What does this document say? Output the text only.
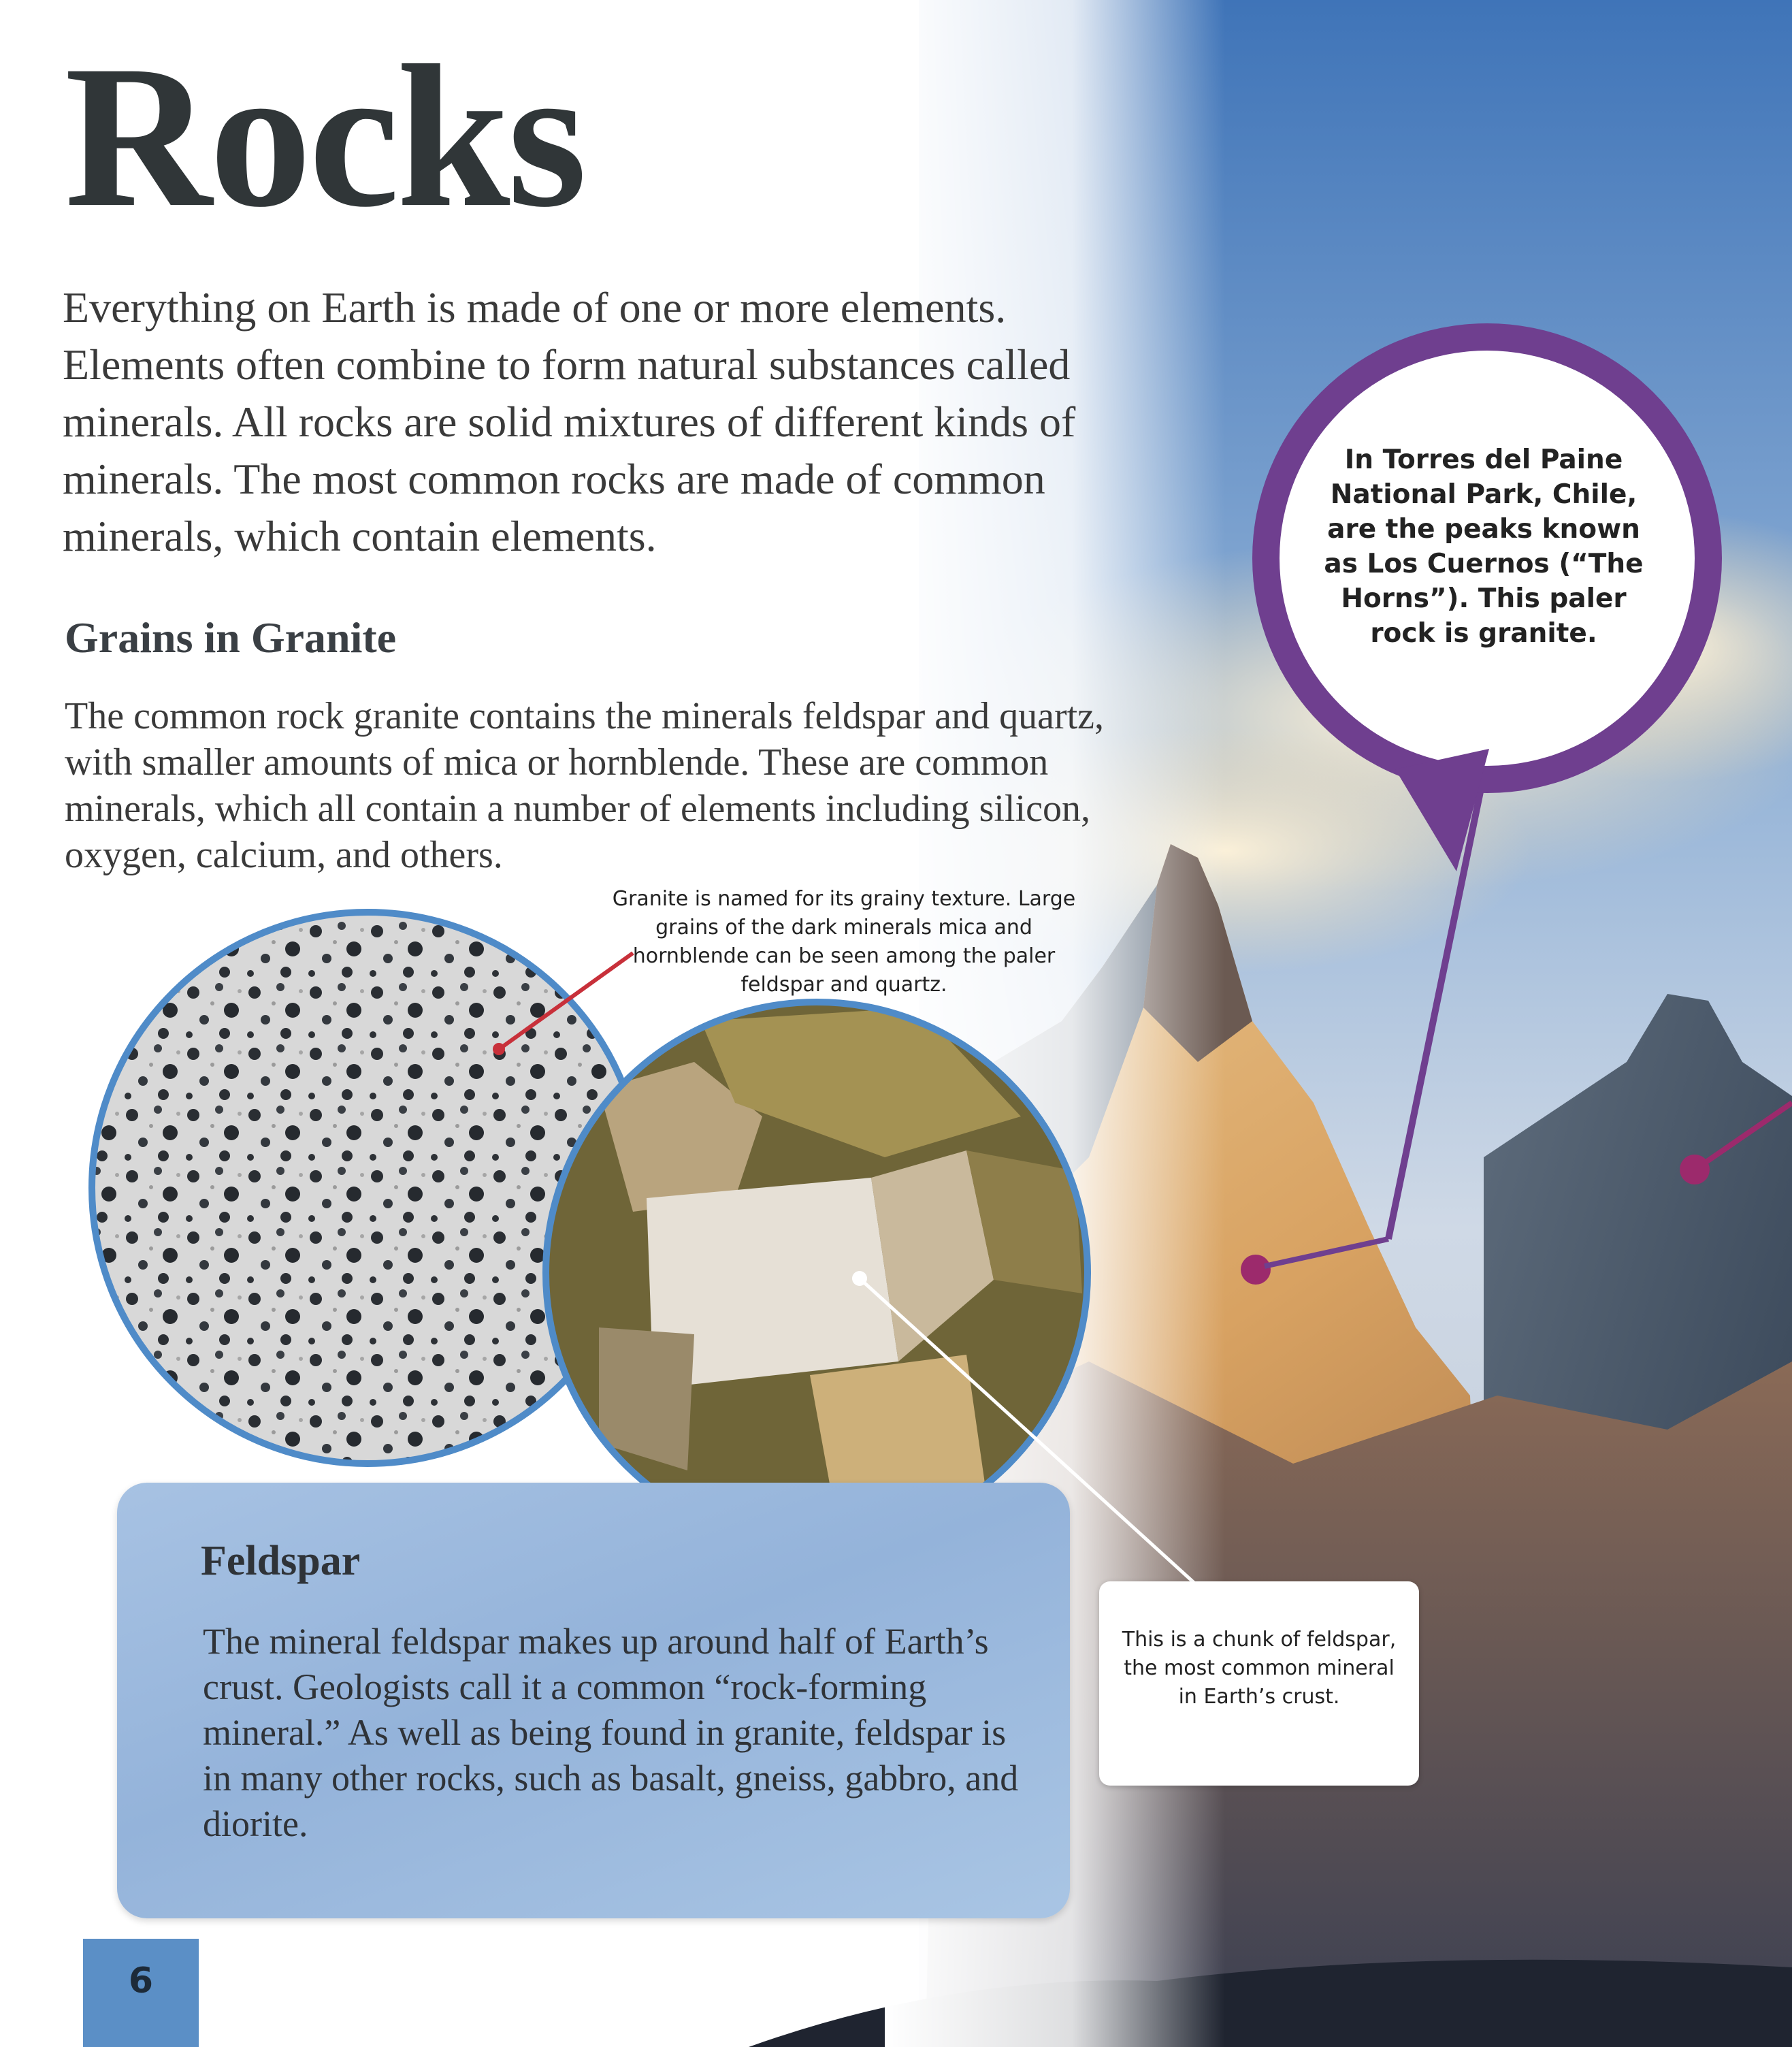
Rocks

Everything on Earth is made of one or more elements. Elements often combine to form natural substances called minerals. All rocks are solid mixtures of different kinds of minerals. The most common rocks are made of common minerals, which contain elements.

Grains in Granite

The common rock granite contains the minerals feldspar and quartz, with smaller amounts of mica or hornblende. These are common minerals, which all contain a number of elements including silicon, oxygen, calcium, and others.

Granite is named for its grainy texture. Large grains of the dark minerals mica and hornblende can be seen among the paler feldspar and quartz.

In Torres del Paine National Park, Chile, are the peaks known as Los Cuernos (“The Horns”). This paler rock is granite.
Feldspar

The mineral feldspar makes up around half of Earth’s crust. Geologists call it a common “rock-forming mineral.” As well as being found in granite, feldspar is in many other rocks, such as basalt, gneiss, gabbro, and diorite.

This is a chunk of feldspar, the most common mineral in Earth’s crust.

6
